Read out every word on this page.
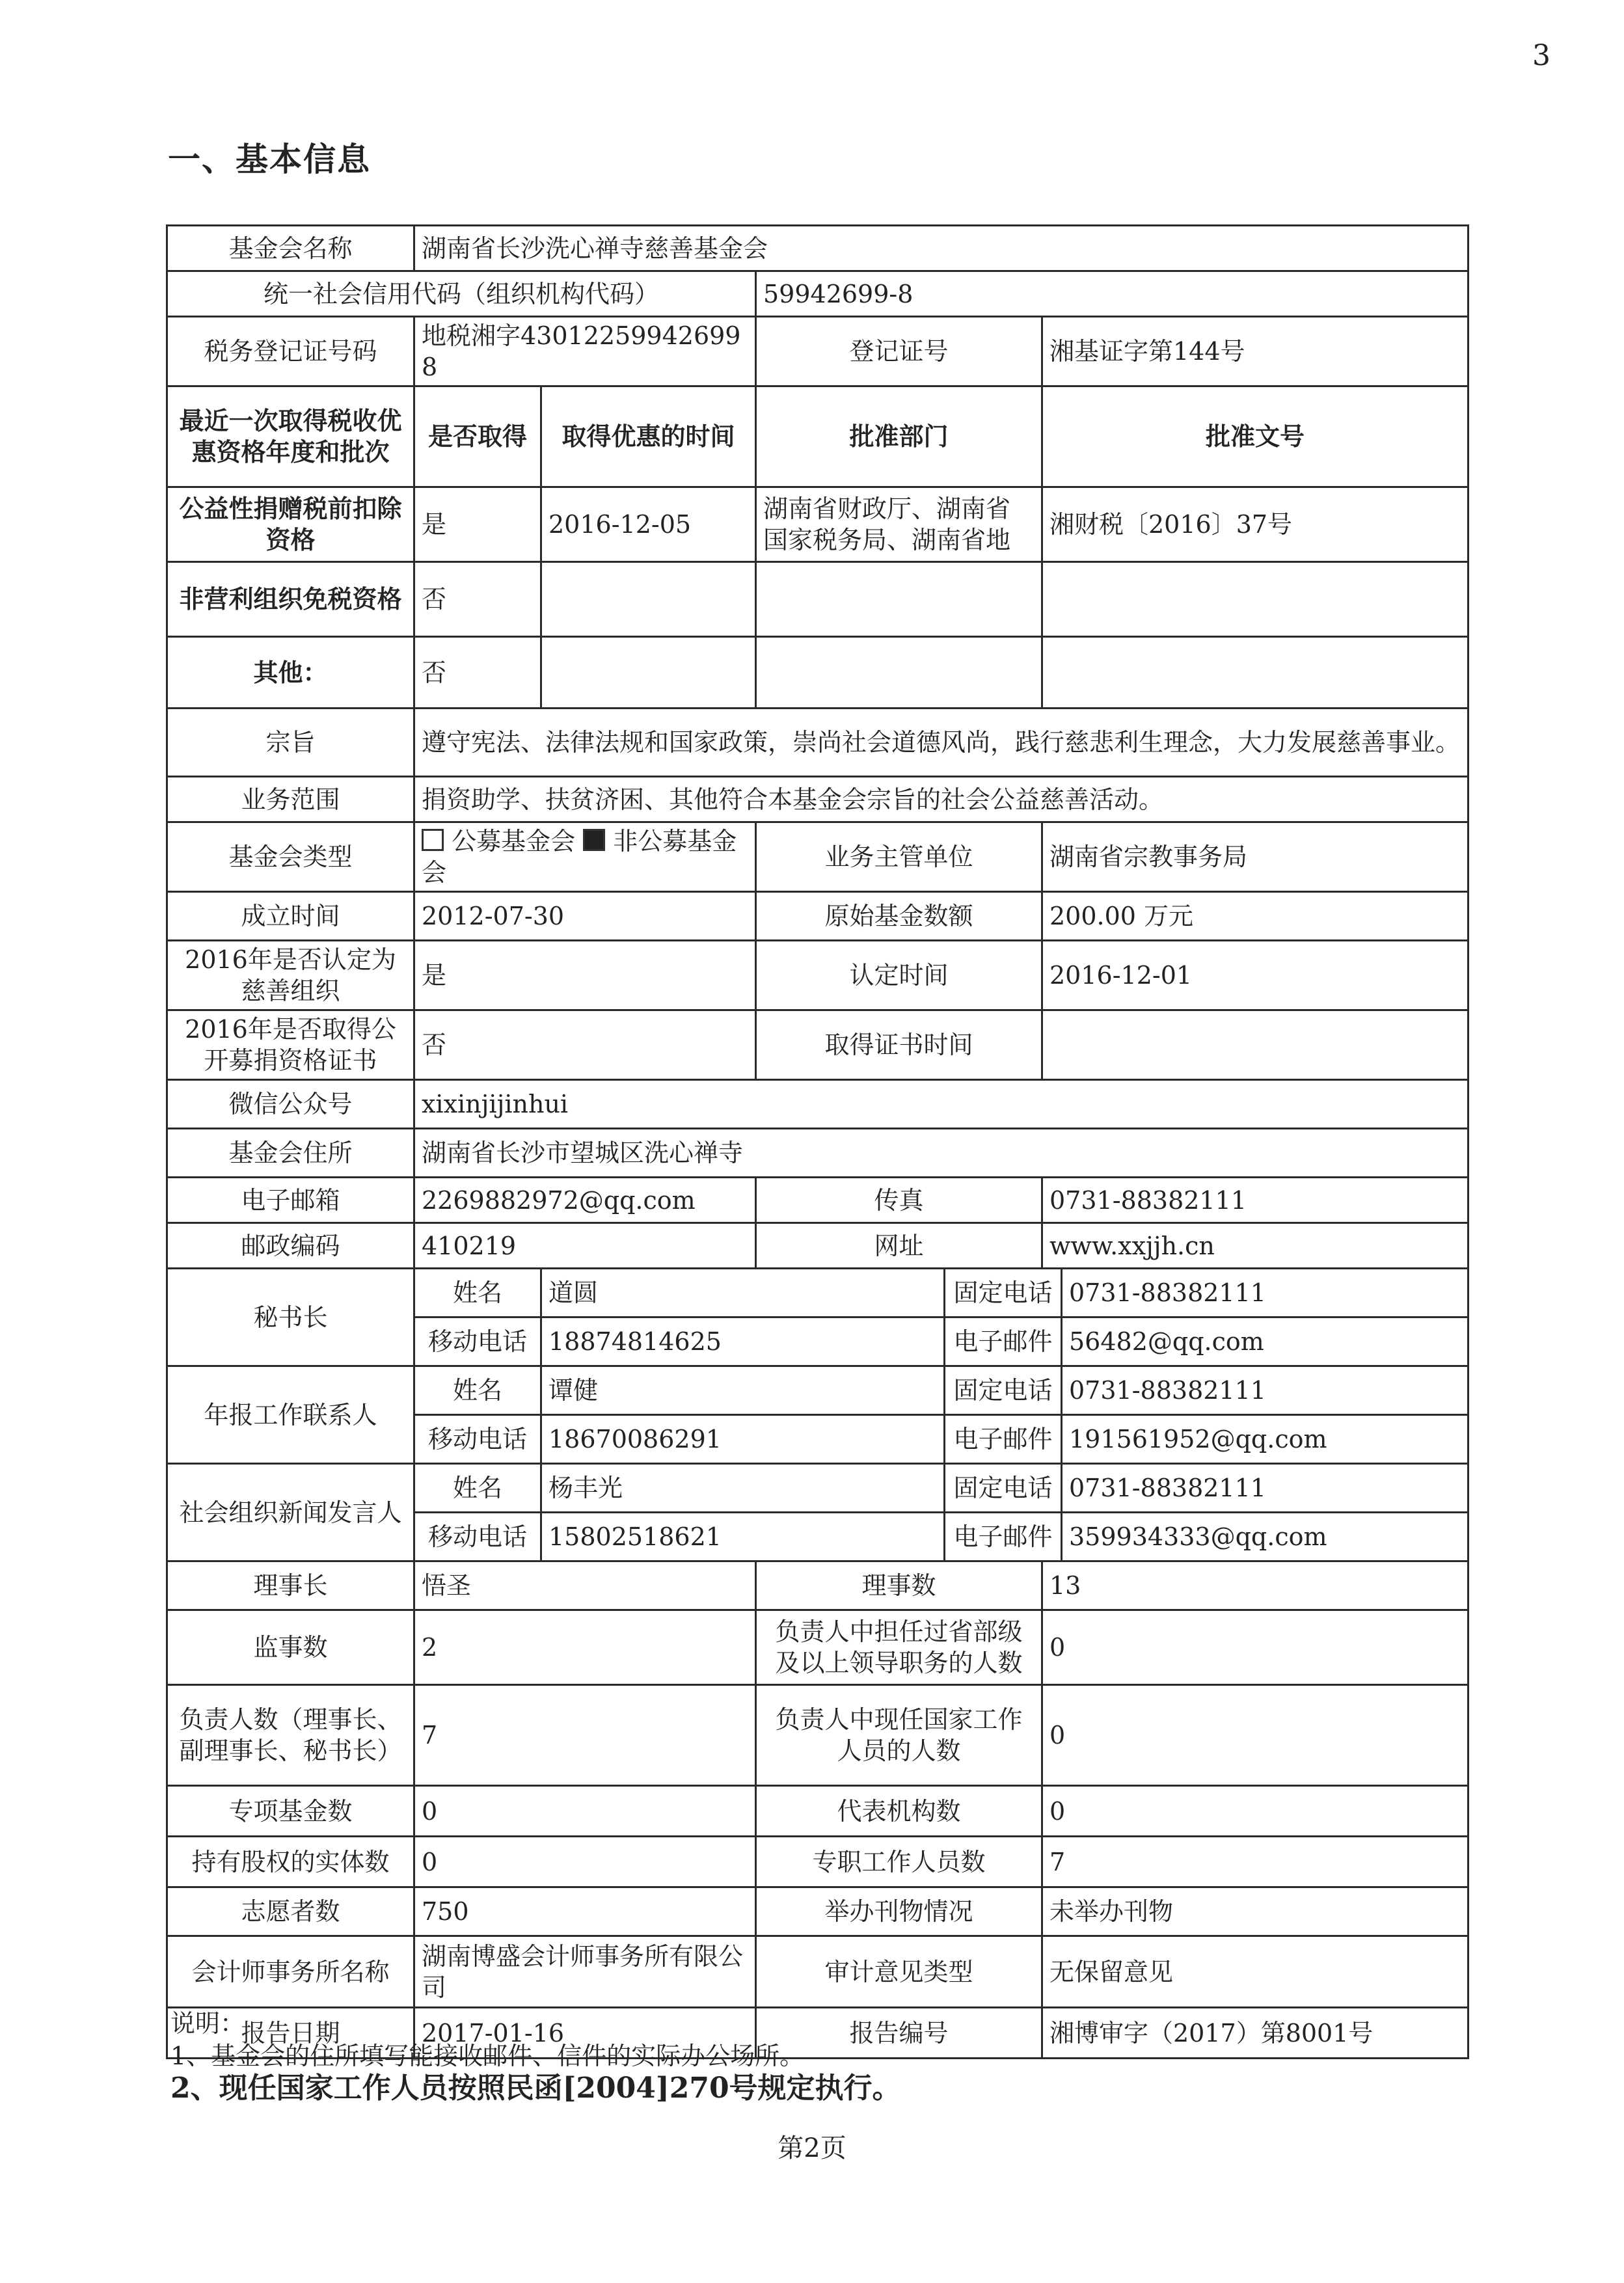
3
一、基本信息
基金会名称	湖南省长沙洗心禅寺慈善基金会					
统一社会信用代码（组织机构代码）			59942699-8			
税务登记证号码	地税湘字430122599426998		登记证号		湘基证字第144号	
最近一次取得税收优惠资格年度和批次	是否取得	取得优惠的时间	批准部门		批准文号	
公益性捐赠税前扣除资格	是	2016-12-05	湖南省财政厅、湖南省国家税务局、湖南省地		湘财税〔2016〕37号	
非营利组织免税资格	否					
其他：	否					
宗旨	遵守宪法、法律法规和国家政策，崇尚社会道德风尚，践行慈悲利生理念，大力发展慈善事业。					
业务范围	捐资助学、扶贫济困、其他符合本基金会宗旨的社会公益慈善活动。					
基金会类型	公募基金会 非公募基金会		业务主管单位		湖南省宗教事务局	
成立时间	2012-07-30		原始基金数额		200.00 万元	
2016年是否认定为慈善组织	是		认定时间		2016-12-01	
2016年是否取得公开募捐资格证书	否		取得证书时间			
微信公众号	xixinjijinhui					
基金会住所	湖南省长沙市望城区洗心禅寺					
电子邮箱	2269882972@qq.com		传真		0731-88382111	
邮政编码	410219		网址		www.xxjjh.cn	
秘书长	姓名	道圆		固定电话		0731-88382111
	移动电话	18874814625		电子邮件		56482@qq.com
年报工作联系人	姓名	谭健		固定电话		0731-88382111
	移动电话	18670086291		电子邮件		191561952@qq.com
社会组织新闻发言人	姓名	杨丰光		固定电话		0731-88382111
	移动电话	15802518621		电子邮件		359934333@qq.com
理事长	悟圣		理事数		13	
监事数	2		负责人中担任过省部级及以上领导职务的人数		0	
负责人数（理事长、副理事长、秘书长）	7		负责人中现任国家工作人员的人数		0	
专项基金数	0		代表机构数		0	
持有股权的实体数	0		专职工作人员数		7	
志愿者数	750		举办刊物情况		未举办刊物	
会计师事务所名称	湖南博盛会计师事务所有限公司		审计意见类型		无保留意见	
报告日期	2017-01-16		报告编号		湘博审字（2017）第8001号	
说明：
1、基金会的住所填写能接收邮件、信件的实际办公场所。
2、现任国家工作人员按照民函[2004]270号规定执行。
第2页
